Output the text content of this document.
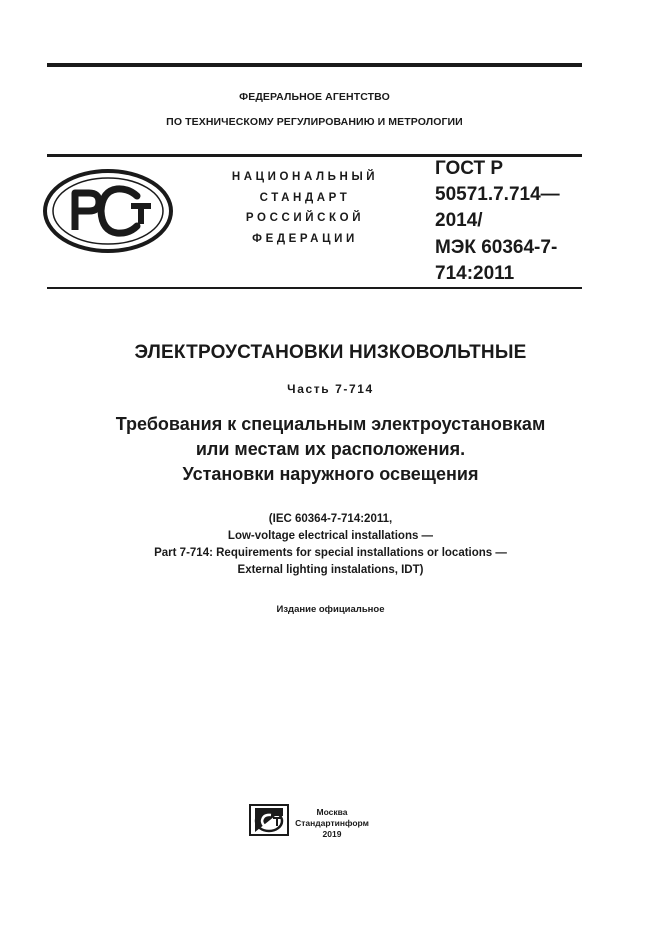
ФЕДЕРАЛЬНОЕ АГЕНТСТВО
ПО ТЕХНИЧЕСКОМУ РЕГУЛИРОВАНИЮ И МЕТРОЛОГИИ
НАЦИОНАЛЬНЫЙ
СТАНДАРТ
РОССИЙСКОЙ
ФЕДЕРАЦИИ
ГОСТ Р
50571.7.714—
2014/
МЭК 60364-7-
714:2011
ЭЛЕКТРОУСТАНОВКИ НИЗКОВОЛЬТНЫЕ
Часть 7-714
Требования к специальным электроустановкам
или местам их расположения.
Установки наружного освещения
(IEC 60364-7-714:2011,
Low-voltage electrical installations —
Part 7-714: Requirements for special installations or locations —
External lighting instalations, IDT)
Издание официальное
Москва
Стандартинформ
2019
